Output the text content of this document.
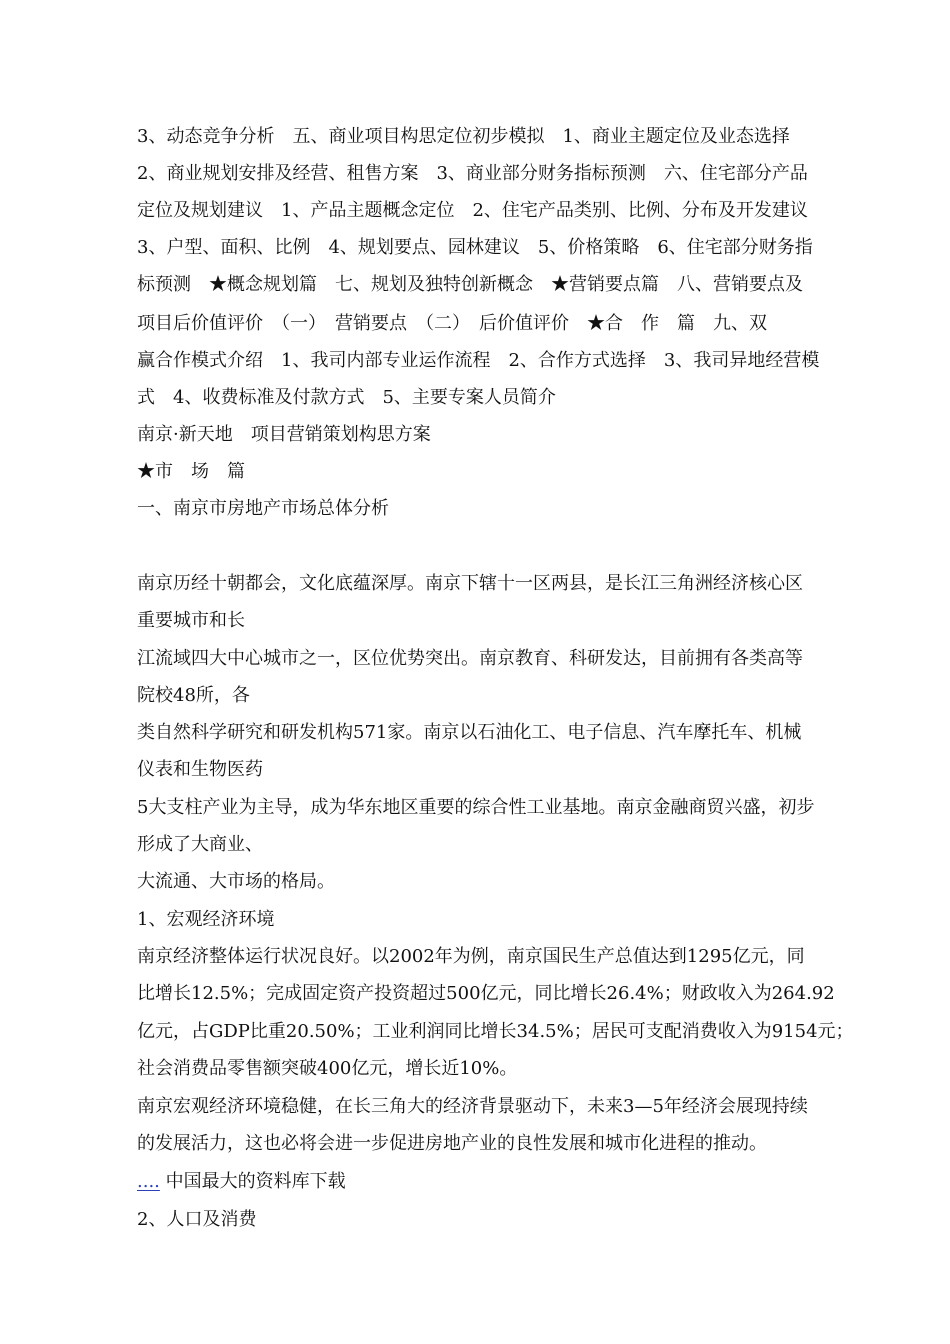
3、动态竞争分析　五、商业项目构思定位初步模拟　1、商业主题定位及业态选择
2、商业规划安排及经营、租售方案　3、商业部分财务指标预测　六、住宅部分产品
定位及规划建议　1、产品主题概念定位　2、住宅产品类别、比例、分布及开发建议
3、户型、面积、比例　4、规划要点、园林建议　5、价格策略　6、住宅部分财务指
标预测　★概念规划篇　七、规划及独特创新概念　★营销要点篇　八、营销要点及
项目后价值评价　（一）　营销要点　（二）　后价值评价　★合　作　篇　九、双
赢合作模式介绍　1、我司内部专业运作流程　2、合作方式选择　3、我司异地经营模
式　4、收费标准及付款方式　5、主要专案人员简介
南京·新天地　项目营销策划构思方案
★市　场　篇
一、南京市房地产市场总体分析
南京历经十朝都会，文化底蕴深厚。南京下辖十一区两县，是长江三角洲经济核心区
重要城市和长
江流域四大中心城市之一，区位优势突出。南京教育、科研发达，目前拥有各类高等
院校48所，各
类自然科学研究和研发机构571家。南京以石油化工、电子信息、汽车摩托车、机械
仪表和生物医药
5大支柱产业为主导，成为华东地区重要的综合性工业基地。南京金融商贸兴盛，初步
形成了大商业、
大流通、大市场的格局。
1、宏观经济环境
南京经济整体运行状况良好。以2002年为例，南京国民生产总值达到1295亿元，同
比增长12.5%；完成固定资产投资超过500亿元，同比增长26.4%；财政收入为264.92
亿元，占GDP比重20.50%；工业利润同比增长34.5%；居民可支配消费收入为9154元；
社会消费品零售额突破400亿元，增长近10%。
南京宏观经济环境稳健，在长三角大的经济背景驱动下，未来3—5年经济会展现持续
的发展活力，这也必将会进一步促进房地产业的良性发展和城市化进程的推动。
.... 中国最大的资料库下载
2、人口及消费
